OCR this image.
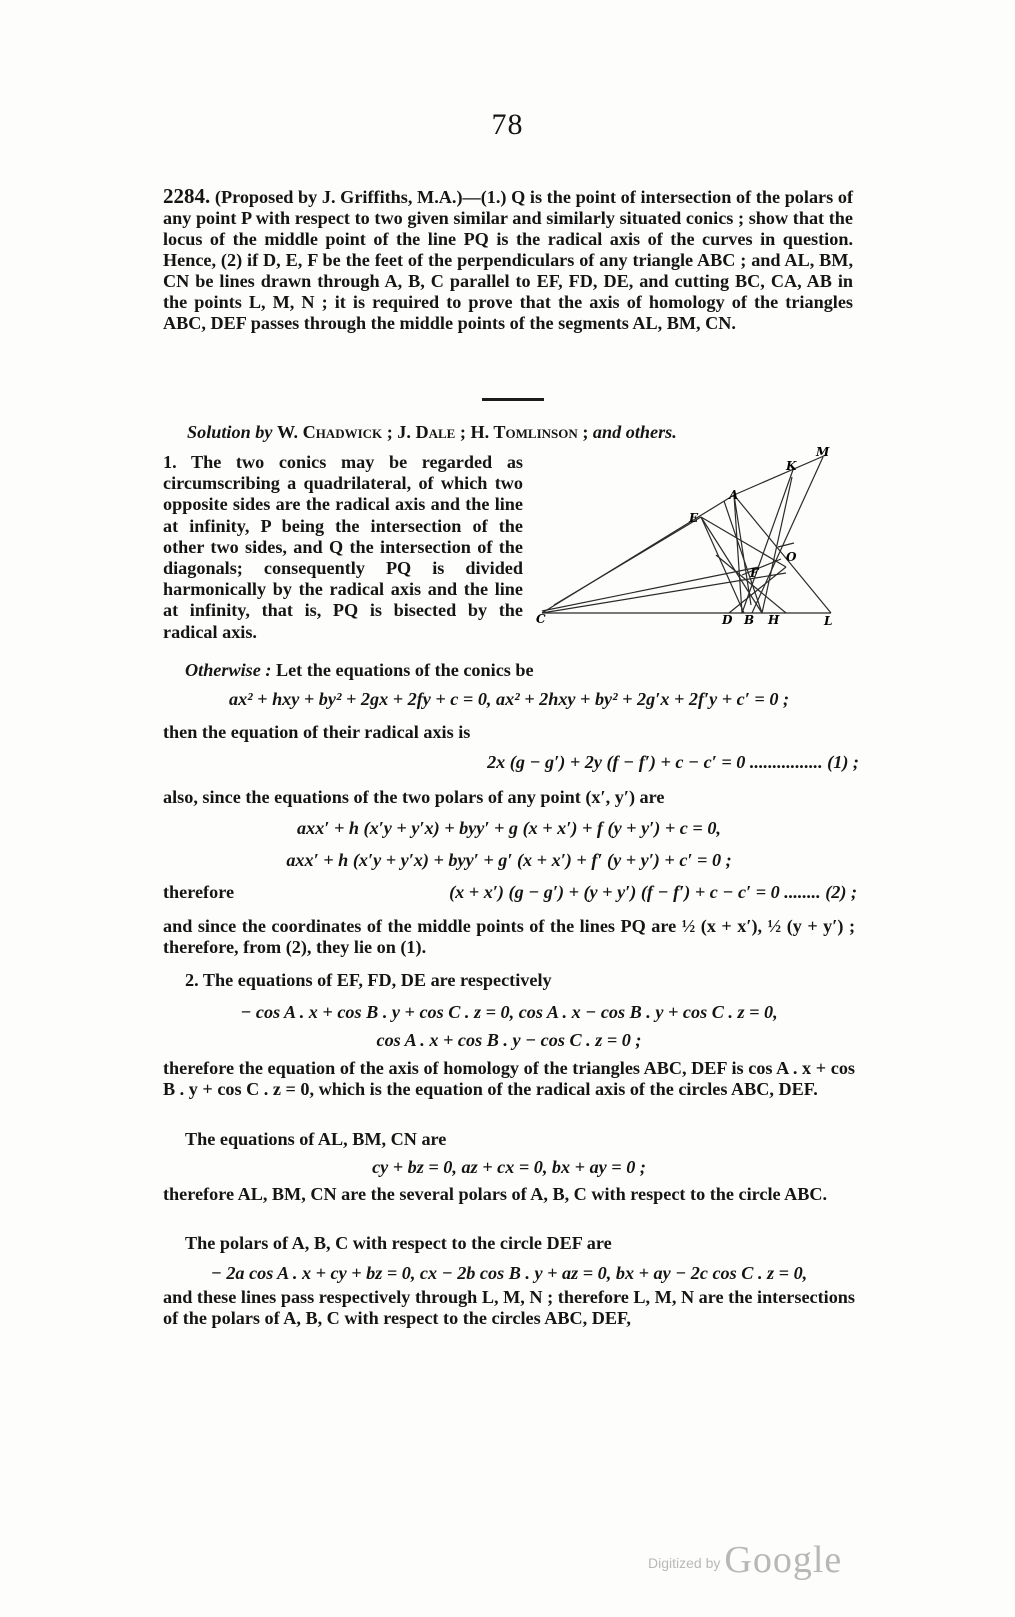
78
2284. (Proposed by J. Griffiths, M.A.)—(1.) Q is the point of intersection of the polars of any point P with respect to two given similar and similarly situated conics ; show that the locus of the middle point of the line PQ is the radical axis of the curves in question. Hence, (2) if D, E, F be the feet of the perpendiculars of any triangle ABC ; and AL, BM, CN be lines drawn through A, B, C parallel to EF, FD, DE, and cutting BC, CA, AB in the points L, M, N ; it is required to prove that the axis of homology of the triangles ABC, DEF passes through the middle points of the segments AL, BM, CN.
Solution by W. Chadwick ; J. Dale ; H. Tomlinson ; and others.
1. The two conics may be regarded as circumscribing a quadrilateral, of which two opposite sides are the radical axis and the line at infinity, P being the intersection of the other two sides, and Q the intersection of the diagonals; consequently PQ is divided harmonically by the radical axis and the line at infinity, that is, PQ is bisected by the radical axis.
M
K
A
E
O
F
C	D B H	L
Otherwise : Let the equations of the conics be
ax² + hxy + by² + 2gx + 2fy + c = 0, ax² + 2hxy + by² + 2g′x + 2f′y + c′ = 0 ;
then the equation of their radical axis is
2x (g − g′) + 2y (f − f′) + c − c′ = 0 ................ (1) ;
also, since the equations of the two polars of any point (x′, y′) are
axx′ + h (x′y + y′x) + byy′ + g (x + x′) + f (y + y′) + c = 0,
axx′ + h (x′y + y′x) + byy′ + g′ (x + x′) + f′ (y + y′) + c′ = 0 ;
therefore	(x + x′) (g − g′) + (y + y′) (f − f′) + c − c′ = 0 ........ (2) ;
and since the coordinates of the middle points of the lines PQ are ½ (x + x′), ½ (y + y′) ; therefore, from (2), they lie on (1).
2. The equations of EF, FD, DE are respectively
− cos A . x + cos B . y + cos C . z = 0, cos A . x − cos B . y + cos C . z = 0,
cos A . x + cos B . y − cos C . z = 0 ;
therefore the equation of the axis of homology of the triangles ABC, DEF is cos A . x + cos B . y + cos C . z = 0, which is the equation of the radical axis of the circles ABC, DEF.
The equations of AL, BM, CN are
cy + bz = 0, az + cx = 0, bx + ay = 0 ;
therefore AL, BM, CN are the several polars of A, B, C with respect to the circle ABC.
The polars of A, B, C with respect to the circle DEF are
− 2a cos A . x + cy + bz = 0, cx − 2b cos B . y + az = 0, bx + ay − 2c cos C . z = 0,
and these lines pass respectively through L, M, N ; therefore L, M, N are the intersections of the polars of A, B, C with respect to the circles ABC, DEF,
Digitized by Google
